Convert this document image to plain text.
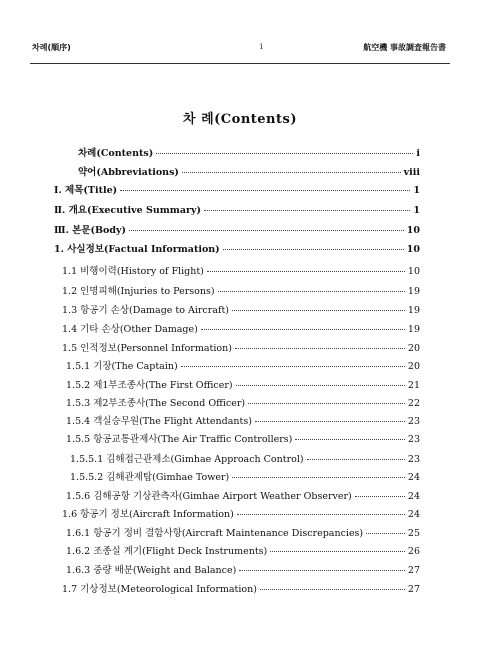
차례(順序)	i	航空機 事故調査報告書
차 례(Contents)
차례(Contents)	i
약어(Abbreviations)	viii
Ⅰ. 제목(Title)	1
Ⅱ. 개요(Executive Summary)	1
Ⅲ. 본문(Body)	10
1. 사실정보(Factual Information)	10
1.1 비행이력(History of Flight)	10
1.2 인명피해(Injuries to Persons)	19
1.3 항공기 손상(Damage to Aircraft)	19
1.4 기타 손상(Other Damage)	19
1.5 인적정보(Personnel Information)	20
1.5.1 기장(The Captain)	20
1.5.2 제1부조종사(The First Officer)	21
1.5.3 제2부조종사(The Second Officer)	22
1.5.4 객실승무원(The Flight Attendants)	23
1.5.5 항공교통관제사(The Air Traffic Controllers)	23
1.5.5.1 김해접근관제소(Gimhae Approach Control)	23
1.5.5.2 김해관제탑(Gimhae Tower)	24
1.5.6 김해공항 기상관측자(Gimhae Airport Weather Observer)	24
1.6 항공기 정보(Aircraft Information)	24
1.6.1 항공기 정비 결함사항(Aircraft Maintenance Discrepancies)	25
1.6.2 조종실 계기(Flight Deck Instruments)	26
1.6.3 중량 배분(Weight and Balance)	27
1.7 기상정보(Meteorological Information)	27
